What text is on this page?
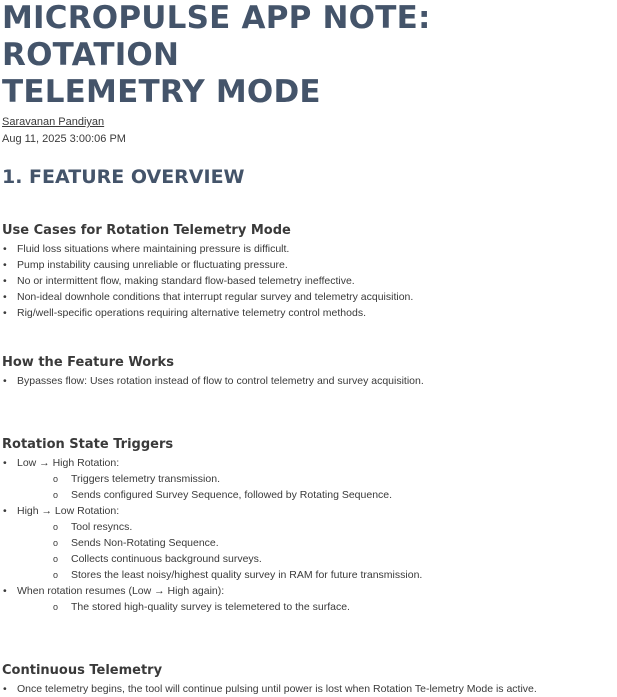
MICROPULSE APP NOTE: ROTATION
TELEMETRY MODE
Saravanan Pandiyan
Aug 11, 2025 3:00:06 PM
1. FEATURE OVERVIEW
Use Cases for Rotation Telemetry Mode
• Fluid loss situations where maintaining pressure is difficult.
• Pump instability causing unreliable or fluctuating pressure.
• No or intermittent flow, making standard flow-based telemetry ineffective.
• Non-ideal downhole conditions that interrupt regular survey and telemetry acquisition.
• Rig/well-specific operations requiring alternative telemetry control methods.
How the Feature Works
• Bypasses flow: Uses rotation instead of flow to control telemetry and survey acquisition.
Rotation State Triggers
• Low → High Rotation:
o Triggers telemetry transmission.
o Sends configured Survey Sequence, followed by Rotating Sequence.
• High → Low Rotation:
o Tool resyncs.
o Sends Non-Rotating Sequence.
o Collects continuous background surveys.
o Stores the least noisy/highest quality survey in RAM for future transmission.
• When rotation resumes (Low → High again):
o The stored high-quality survey is telemetered to the surface.
Continuous Telemetry
• Once telemetry begins, the tool will continue pulsing until power is lost when Rotation Te-lemetry Mode is active.
